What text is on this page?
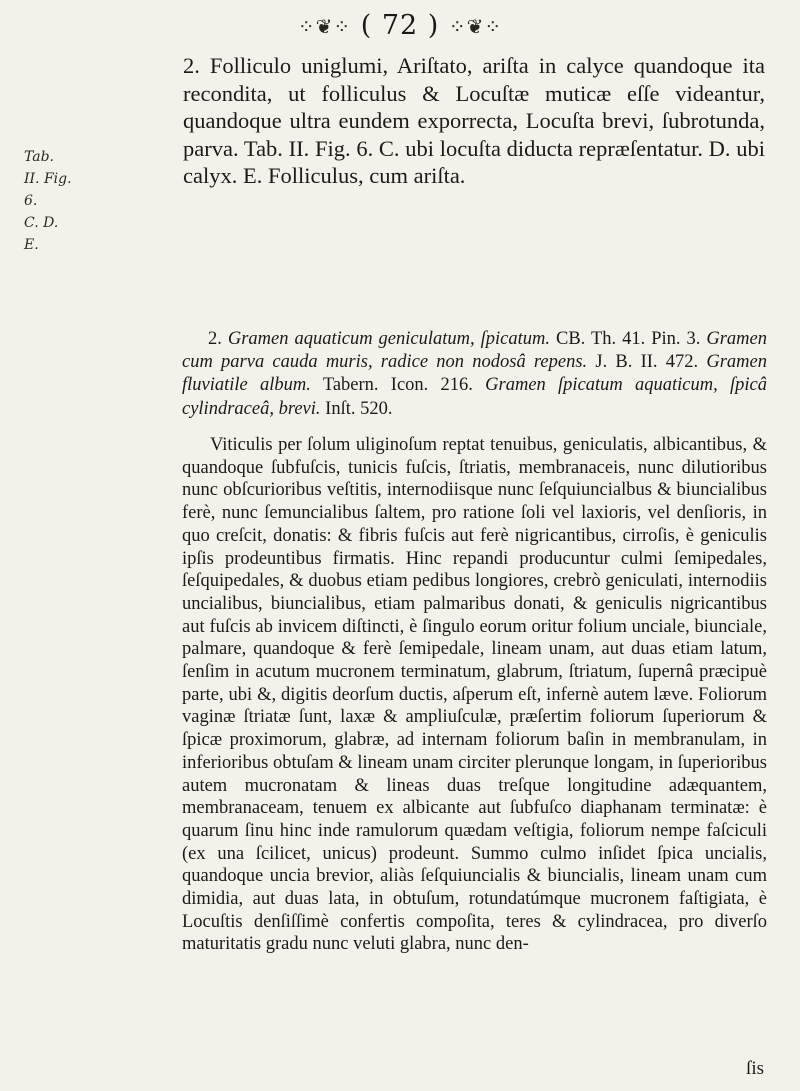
⁘❦⁘ ( 72 ) ⁘❦⁘
Tab. II. Fig. 6.
C. D. E.
2. Folliculo uniglumi, Ariſtato, ariſta in calyce quandoque ita recondita, ut folliculus & Locuſtæ muticæ eſſe videantur, quandoque ultra eundem exporrecta, Locuſta brevi, ſubrotunda, parva. Tab. II. Fig. 6. C. ubi locuſta diducta repræſentatur. D. ubi calyx. E. Folliculus, cum ariſta.
2. Gramen aquaticum geniculatum, ſpicatum. CB. Th. 41. Pin. 3. Gramen cum parva cauda muris, radice non nodosâ repens. J. B. II. 472. Gramen fluviatile album. Tabern. Icon. 216. Gramen ſpicatum aquaticum, ſpicâ cylindraceâ, brevi. Inſt. 520.
Viticulis per ſolum uliginoſum reptat tenuibus, geniculatis, albicantibus, & quandoque ſubfuſcis, tunicis fuſcis, ſtriatis, membranaceis, nunc dilutioribus nunc obſcurioribus veſtitis, internodiisque nunc ſeſquiuncialbus & biuncialibus ferè, nunc ſemuncialibus ſaltem, pro ratione ſoli vel laxioris, vel denſioris, in quo creſcit, donatis: & fibris fuſcis aut ferè nigricantibus, cirroſis, è geniculis ipſis prodeuntibus firmatis. Hinc repandi producuntur culmi ſemipedales, ſeſquipedales, & duobus etiam pedibus longiores, crebrò geniculati, internodiis uncialibus, biuncialibus, etiam palmaribus donati, & geniculis nigricantibus aut fuſcis ab invicem diſtincti, è ſingulo eorum oritur folium unciale, biunciale, palmare, quandoque & ferè ſemipedale, lineam unam, aut duas etiam latum, ſenſim in acutum mucronem terminatum, glabrum, ſtriatum, ſupernâ præcipuè parte, ubi &, digitis deorſum ductis, aſperum eſt, infernè autem læve. Foliorum vaginæ ſtriatæ ſunt, laxæ & ampliuſculæ, præſertim foliorum ſuperiorum & ſpicæ proximorum, glabræ, ad internam foliorum baſin in membranulam, in inferioribus obtuſam & lineam unam circiter plerunque longam, in ſuperioribus autem mucronatam & lineas duas treſque longitudine adæquantem, membranaceam, tenuem ex albicante aut ſubfuſco diaphanam terminatæ: è quarum ſinu hinc inde ramulorum quædam veſtigia, foliorum nempe faſciculi (ex una ſcilicet, unicus) prodeunt. Summo culmo inſidet ſpica uncialis, quandoque uncia brevior, aliàs ſeſquiuncialis & biuncialis, lineam unam cum dimidia, aut duas lata, in obtuſum, rotundatúmque mucronem faſtigiata, è Locuſtis denſiſſimè confertis compoſita, teres & cylindracea, pro diverſo maturitatis gradu nunc veluti glabra, nunc den-
ſis
